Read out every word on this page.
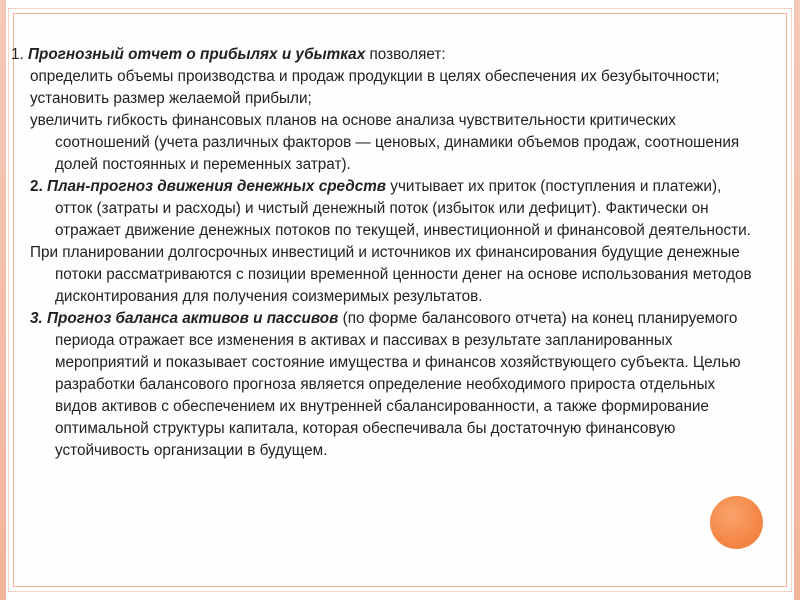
1. Прогнозный отчет о прибылях и убытках позволяет:

определить объемы производства и продаж продукции в целях обеспечения их безубыточности;

установить размер желаемой прибыли;

увеличить гибкость финансовых планов на основе анализа чувствительности критических соотношений (учета различных факторов — ценовых, динамики объемов продаж, соотношения долей постоянных и переменных затрат).

2. План-прогноз движения денежных средств учитывает их приток (поступления и платежи), отток (затраты и расходы) и чистый денежный поток (избыток или дефицит). Фактически он отражает движение денежных потоков по текущей, инвестиционной и финансовой деятельности.

При планировании долгосрочных инвестиций и источников их финансирования будущие денежные потоки рассматриваются с позиции временной ценности денег на основе использования методов дисконтирования для получения соизмеримых результатов.

3. Прогноз баланса активов и пассивов (по форме балансового отчета) на конец планируемого периода отражает все изменения в активах и пассивах в результате запланированных мероприятий и показывает состояние имущества и финансов хозяйствующего субъекта. Целью разработки балансового прогноза является определение необходимого прироста отдельных видов активов с обеспечением их внутренней сбалансированности, а также формирование оптимальной структуры капитала, которая обеспечивала бы достаточную финансовую устойчивость организации в будущем.
